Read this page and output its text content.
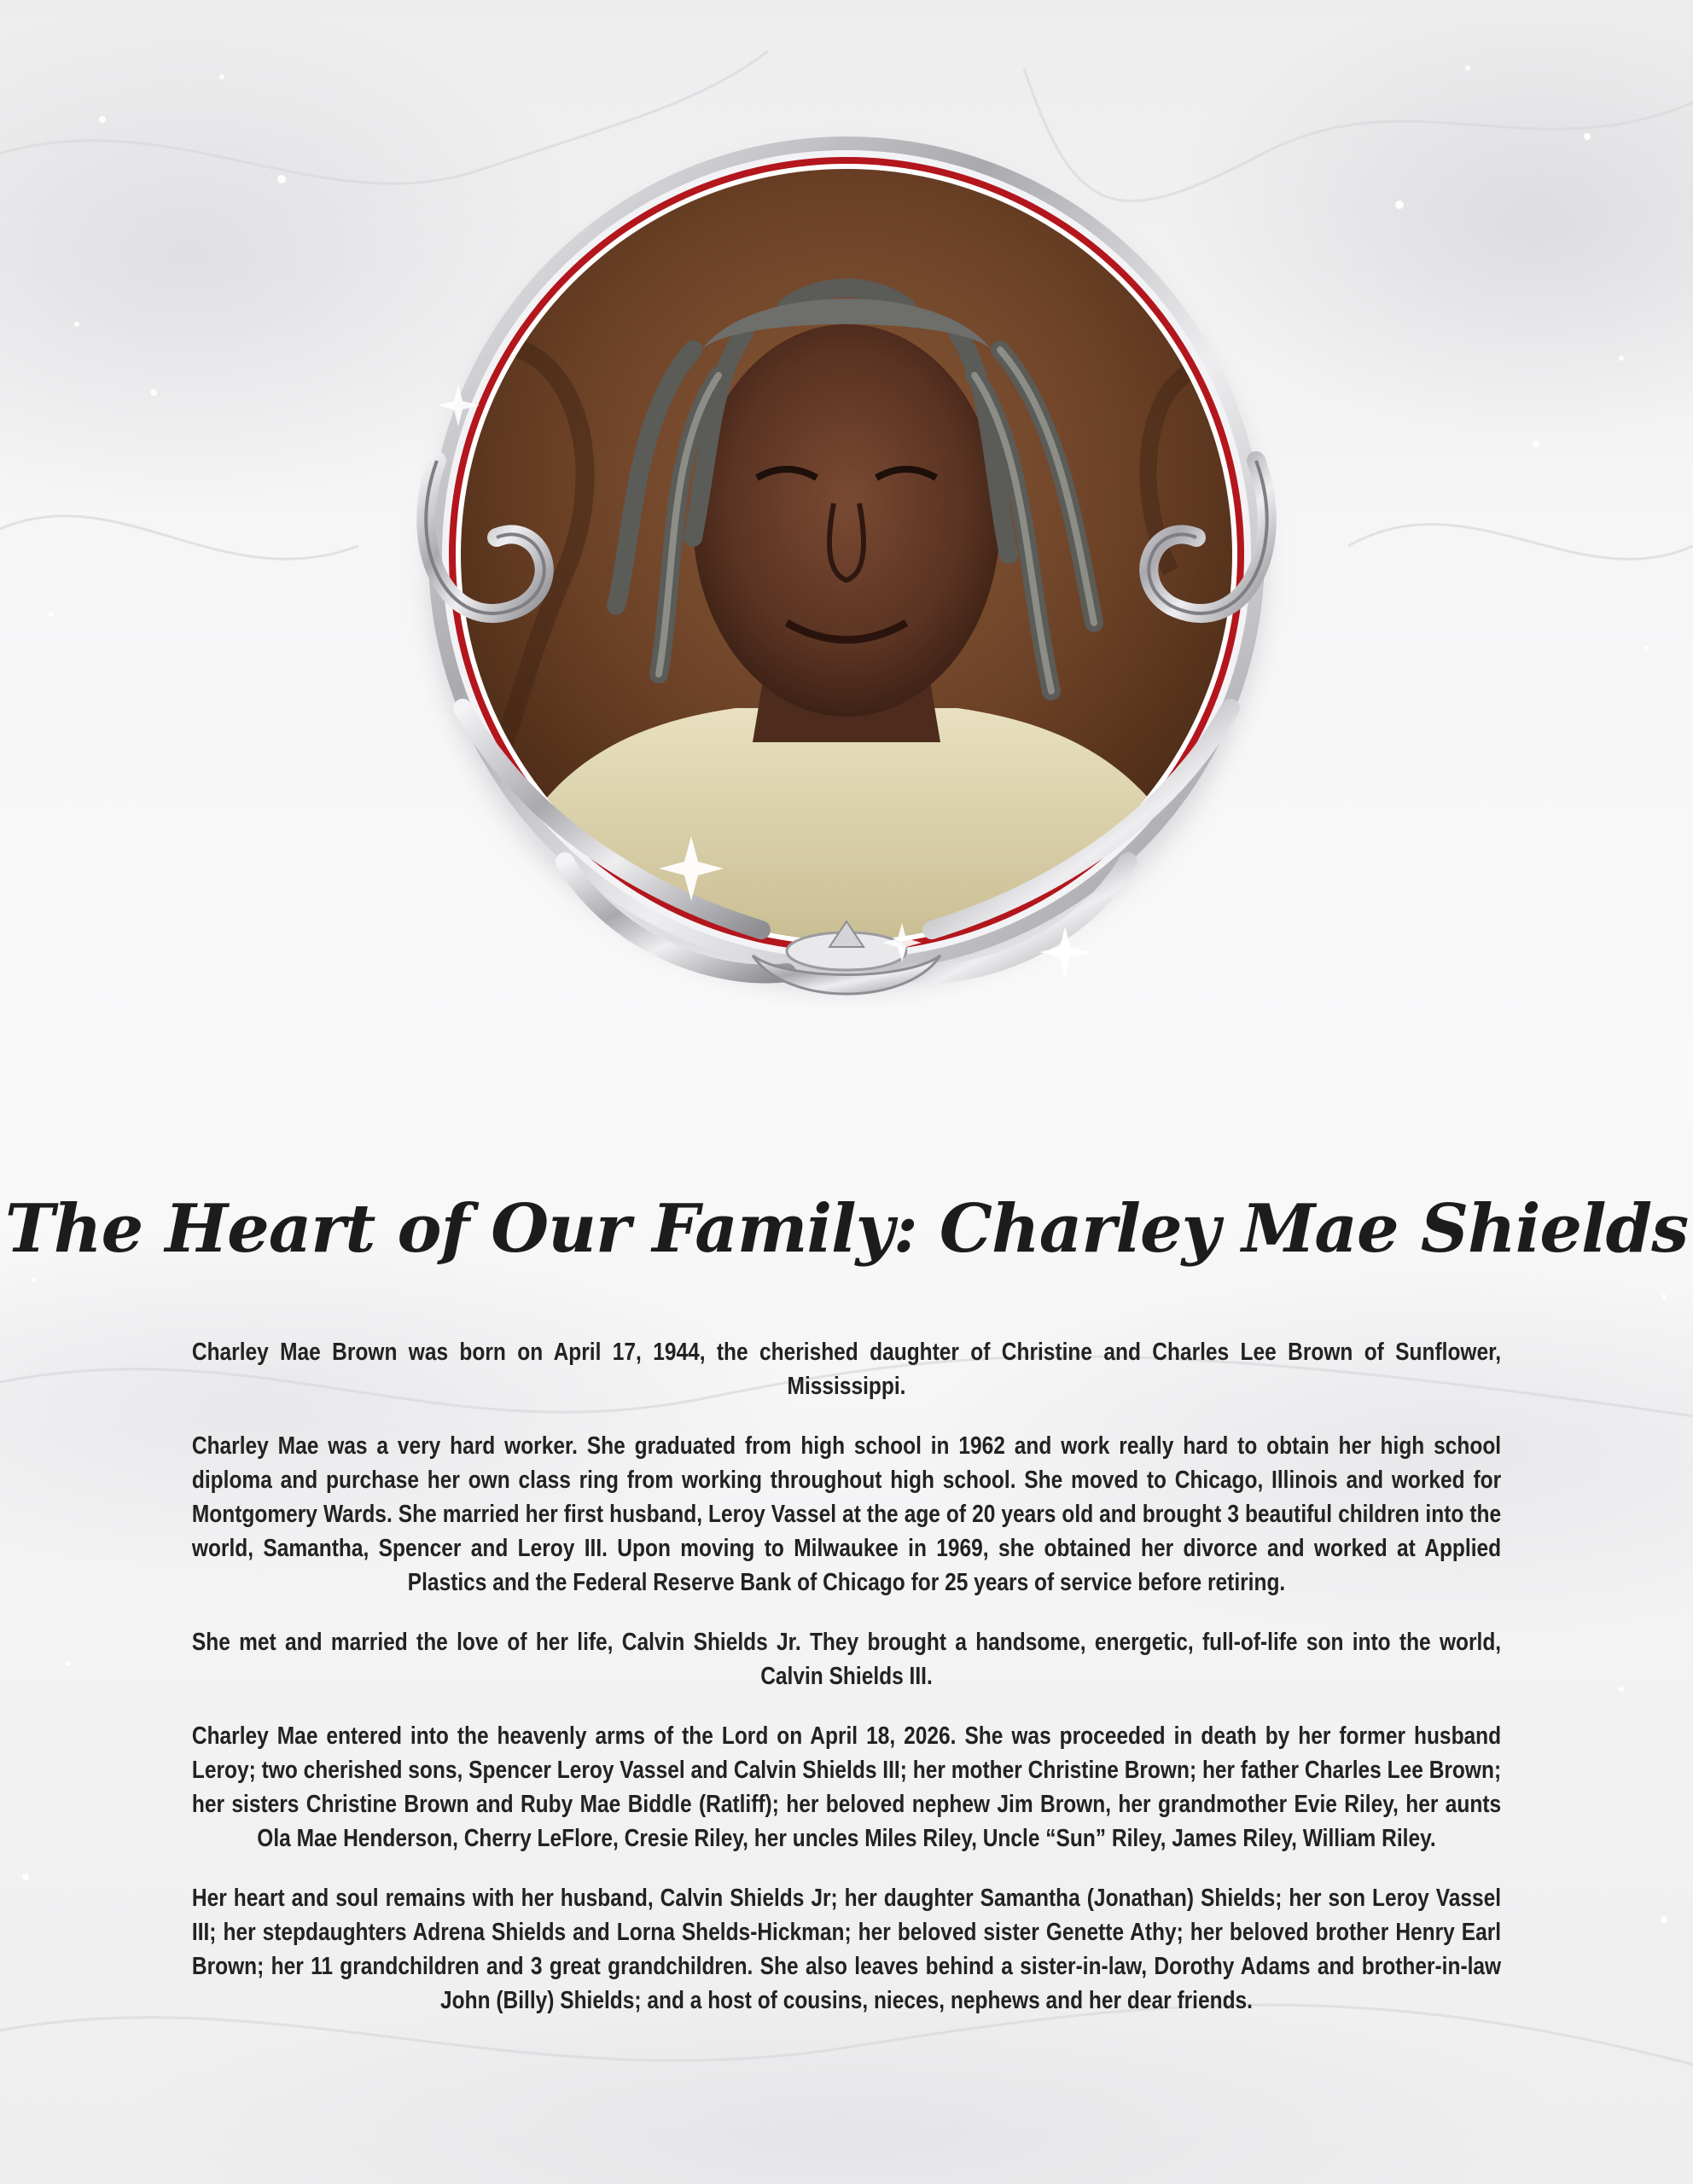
The Heart of Our Family: Charley Mae Shields

Charley Mae Brown was born on April 17, 1944, the cherished daughter of Christine and Charles Lee Brown of Sunflower, Mississippi.

Charley Mae was a very hard worker. She graduated from high school in 1962 and work really hard to obtain her high school diploma and purchase her own class ring from working throughout high school. She moved to Chicago, Illinois and worked for Montgomery Wards. She married her first husband, Leroy Vassel at the age of 20 years old and brought 3 beautiful children into the world, Samantha, Spencer and Leroy III. Upon moving to Milwaukee in 1969, she obtained her divorce and worked at Applied Plastics and the Federal Reserve Bank of Chicago for 25 years of service before retiring.

She met and married the love of her life, Calvin Shields Jr. They brought a handsome, energetic, full-of-life son into the world, Calvin Shields III.

Charley Mae entered into the heavenly arms of the Lord on April 18, 2026. She was proceeded in death by her former husband Leroy; two cherished sons, Spencer Leroy Vassel and Calvin Shields III; her mother Christine Brown; her father Charles Lee Brown; her sisters Christine Brown and Ruby Mae Biddle (Ratliff); her beloved nephew Jim Brown, her grandmother Evie Riley, her aunts Ola Mae Henderson, Cherry LeFlore, Cresie Riley, her uncles Miles Riley, Uncle “Sun” Riley, James Riley, William Riley.

Her heart and soul remains with her husband, Calvin Shields Jr; her daughter Samantha (Jonathan) Shields; her son Leroy Vassel III; her stepdaughters Adrena Shields and Lorna Shelds-Hickman; her beloved sister Genette Athy; her beloved brother Henry Earl Brown; her 11 grandchildren and 3 great grandchildren. She also leaves behind a sister-in-law, Dorothy Adams and brother-in-law John (Billy) Shields; and a host of cousins, nieces, nephews and her dear friends.
